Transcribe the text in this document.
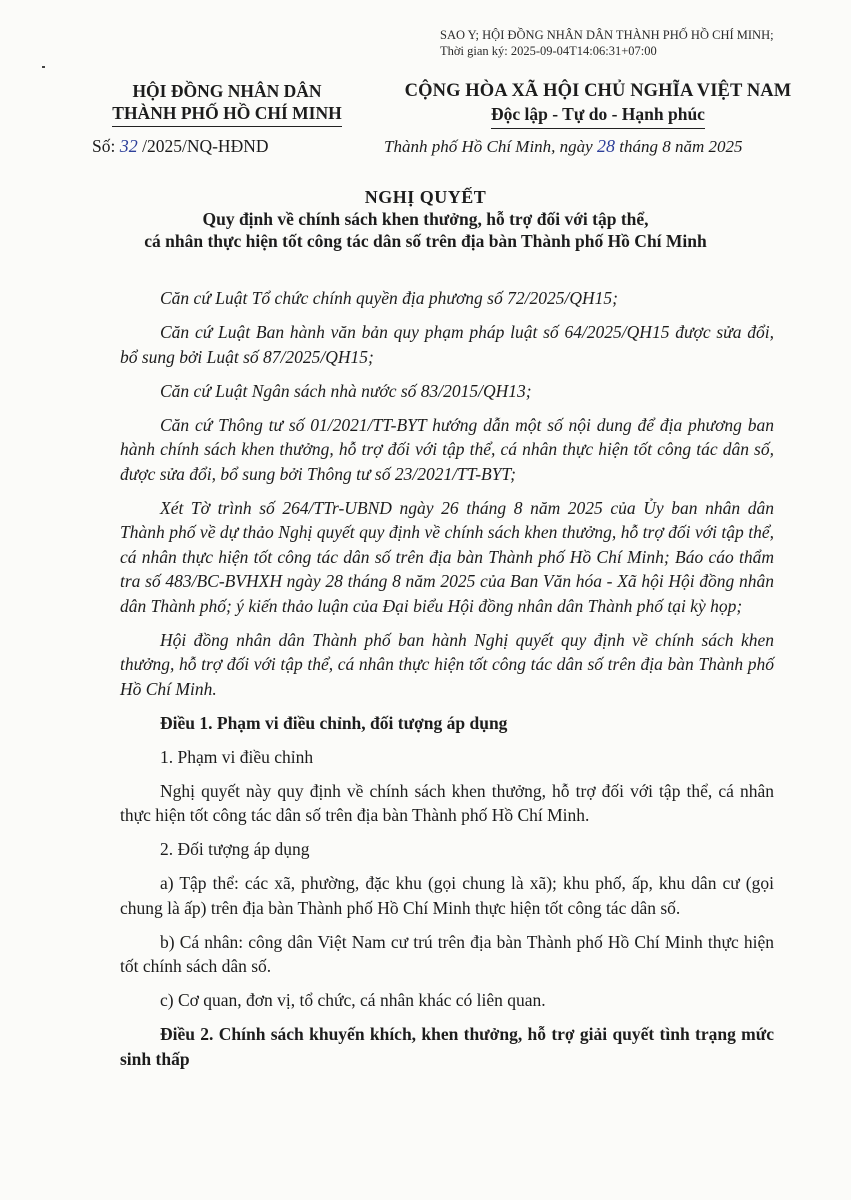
SAO Y; HỘI ĐỒNG NHÂN DÂN THÀNH PHỐ HỒ CHÍ MINH;
Thời gian ký: 2025-09-04T14:06:31+07:00
HỘI ĐỒNG NHÂN DÂN
THÀNH PHỐ HỒ CHÍ MINH
Số: 32 /2025/NQ-HĐND
CỘNG HÒA XÃ HỘI CHỦ NGHĨA VIỆT NAM
Độc lập - Tự do - Hạnh phúc
Thành phố Hồ Chí Minh, ngày 28 tháng 8 năm 2025
NGHỊ QUYẾT
Quy định về chính sách khen thưởng, hỗ trợ đối với tập thể,
cá nhân thực hiện tốt công tác dân số trên địa bàn Thành phố Hồ Chí Minh

Căn cứ Luật Tổ chức chính quyền địa phương số 72/2025/QH15;

Căn cứ Luật Ban hành văn bản quy phạm pháp luật số 64/2025/QH15 được sửa đổi, bổ sung bởi Luật số 87/2025/QH15;

Căn cứ Luật Ngân sách nhà nước số 83/2015/QH13;

Căn cứ Thông tư số 01/2021/TT-BYT hướng dẫn một số nội dung để địa phương ban hành chính sách khen thưởng, hỗ trợ đối với tập thể, cá nhân thực hiện tốt công tác dân số, được sửa đổi, bổ sung bởi Thông tư số 23/2021/TT-BYT;

Xét Tờ trình số 264/TTr-UBND ngày 26 tháng 8 năm 2025 của Ủy ban nhân dân Thành phố về dự thảo Nghị quyết quy định về chính sách khen thưởng, hỗ trợ đối với tập thể, cá nhân thực hiện tốt công tác dân số trên địa bàn Thành phố Hồ Chí Minh; Báo cáo thẩm tra số 483/BC-BVHXH ngày 28 tháng 8 năm 2025 của Ban Văn hóa - Xã hội Hội đồng nhân dân Thành phố; ý kiến thảo luận của Đại biểu Hội đồng nhân dân Thành phố tại kỳ họp;

Hội đồng nhân dân Thành phố ban hành Nghị quyết quy định về chính sách khen thưởng, hỗ trợ đối với tập thể, cá nhân thực hiện tốt công tác dân số trên địa bàn Thành phố Hồ Chí Minh.

Điều 1. Phạm vi điều chỉnh, đối tượng áp dụng

1. Phạm vi điều chỉnh

Nghị quyết này quy định về chính sách khen thưởng, hỗ trợ đối với tập thể, cá nhân thực hiện tốt công tác dân số trên địa bàn Thành phố Hồ Chí Minh.

2. Đối tượng áp dụng

a) Tập thể: các xã, phường, đặc khu (gọi chung là xã); khu phố, ấp, khu dân cư (gọi chung là ấp) trên địa bàn Thành phố Hồ Chí Minh thực hiện tốt công tác dân số.

b) Cá nhân: công dân Việt Nam cư trú trên địa bàn Thành phố Hồ Chí Minh thực hiện tốt chính sách dân số.

c) Cơ quan, đơn vị, tổ chức, cá nhân khác có liên quan.

Điều 2. Chính sách khuyến khích, khen thưởng, hỗ trợ giải quyết tình trạng mức sinh thấp
